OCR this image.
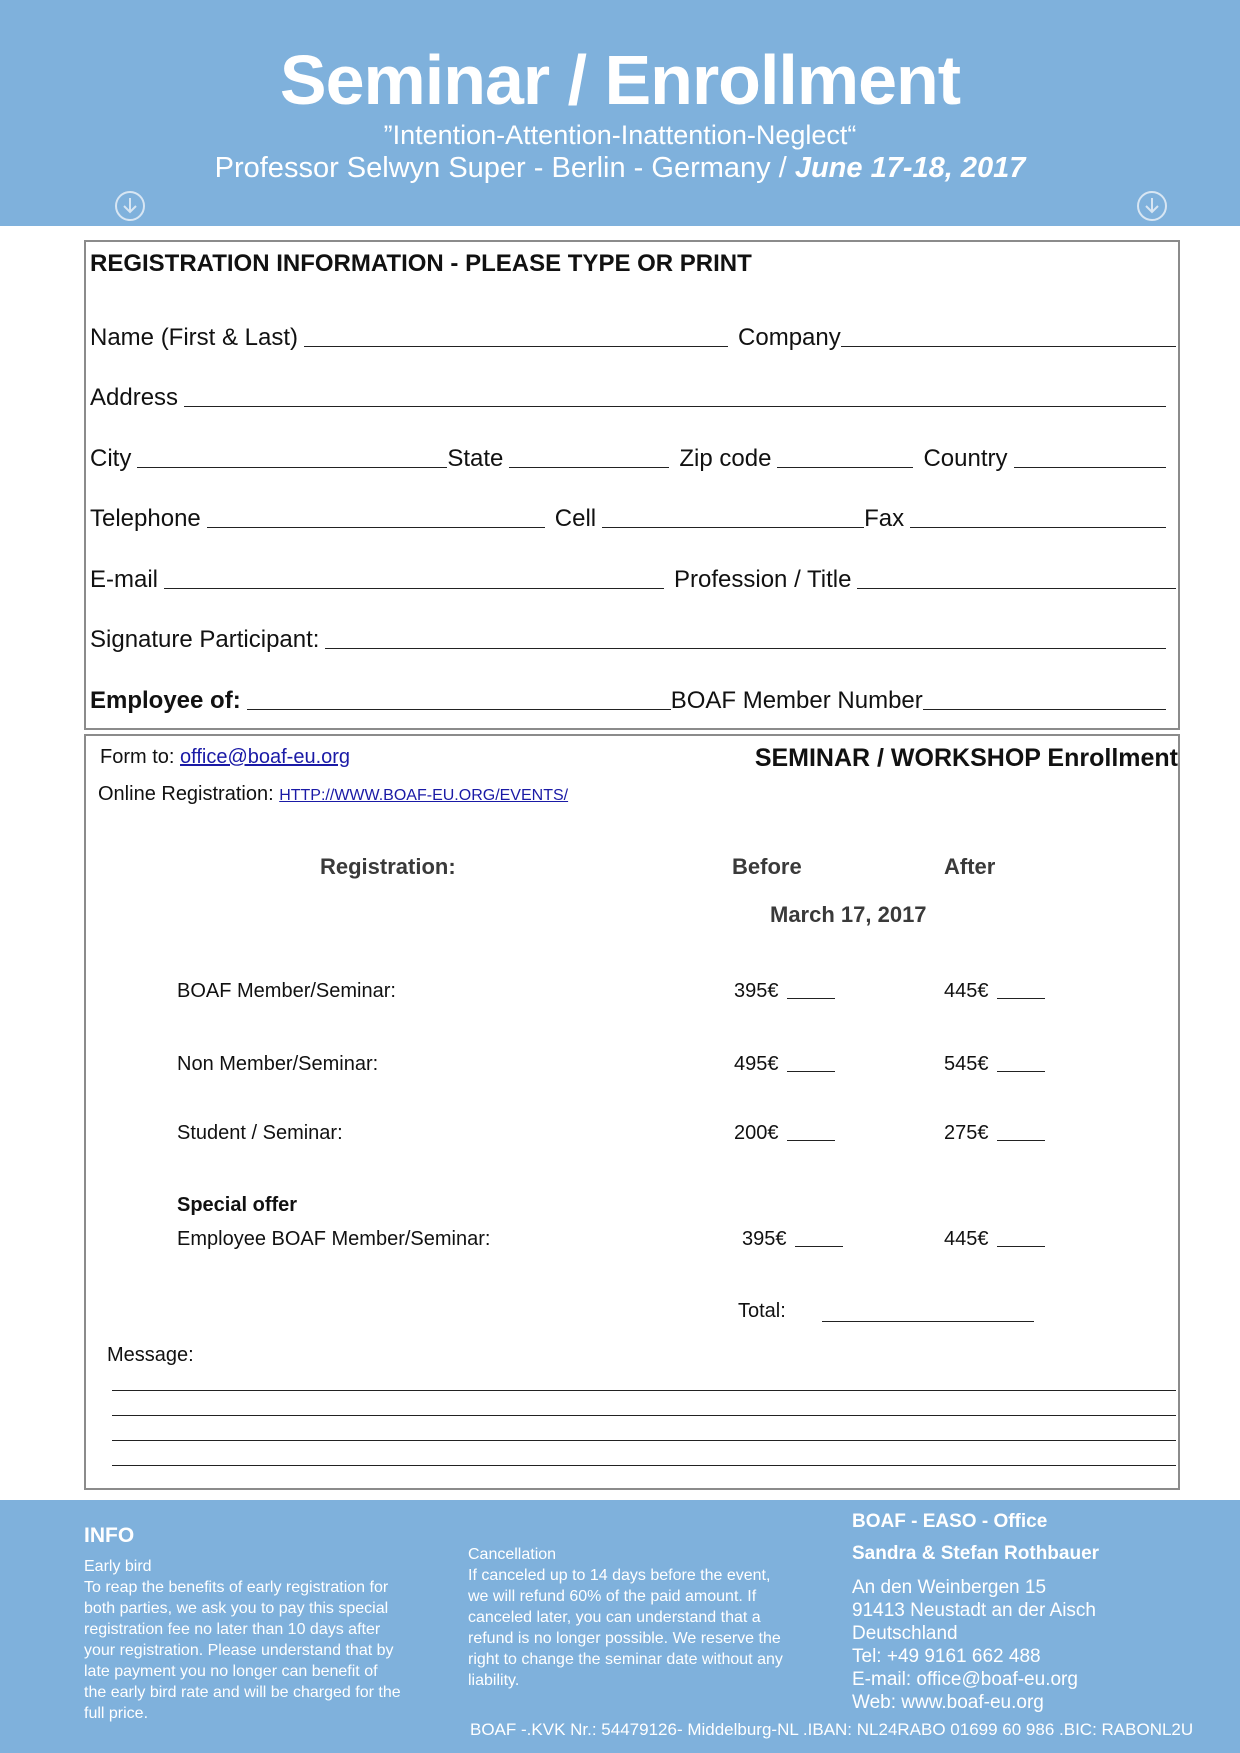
Seminar / Enrollment
”Intention-Attention-Inattention-Neglect“
Professor Selwyn Super - Berlin - Germany / June 17-18, 2017
REGISTRATION INFORMATION - PLEASE TYPE OR PRINT
Name (First & Last)	Company
Address
City	State	Zip code	Country
Telephone	Cell	Fax
E-mail	Profession / Title
Signature Participant:
Employee of:	BOAF Member Number
Form to: office@boaf-eu.org
Online Registration: HTTP://WWW.BOAF-EU.ORG/EVENTS/
SEMINAR / WORKSHOP Enrollment
Registration:	Before	After
March 17, 2017
BOAF Member/Seminar:	395€	445€
Non Member/Seminar:	495€	545€
Student / Seminar:	200€	275€
Special offer
Employee BOAF Member/Seminar:	395€	445€
Total:
Message:
INFO
Early bird
To reap the benefits of early registration for both parties, we ask you to pay this special registration fee no later than 10 days after your registration. Please understand that by late payment you no longer can benefit of the early bird rate and will be charged for the full price.
Cancellation
If canceled up to 14 days before the event, we will refund 60% of the paid amount. If canceled later, you can understand that a refund is no longer possible. We reserve the right to change the seminar date without any liability.
BOAF - EASO - Office
Sandra & Stefan Rothbauer
An den Weinbergen 15
91413 Neustadt an der Aisch
Deutschland
Tel: +49 9161 662 488
E-mail: office@boaf-eu.org
Web: www.boaf-eu.org
BOAF -.KVK Nr.: 54479126- Middelburg-NL .IBAN: NL24RABO 01699 60 986 .BIC: RABONL2U
